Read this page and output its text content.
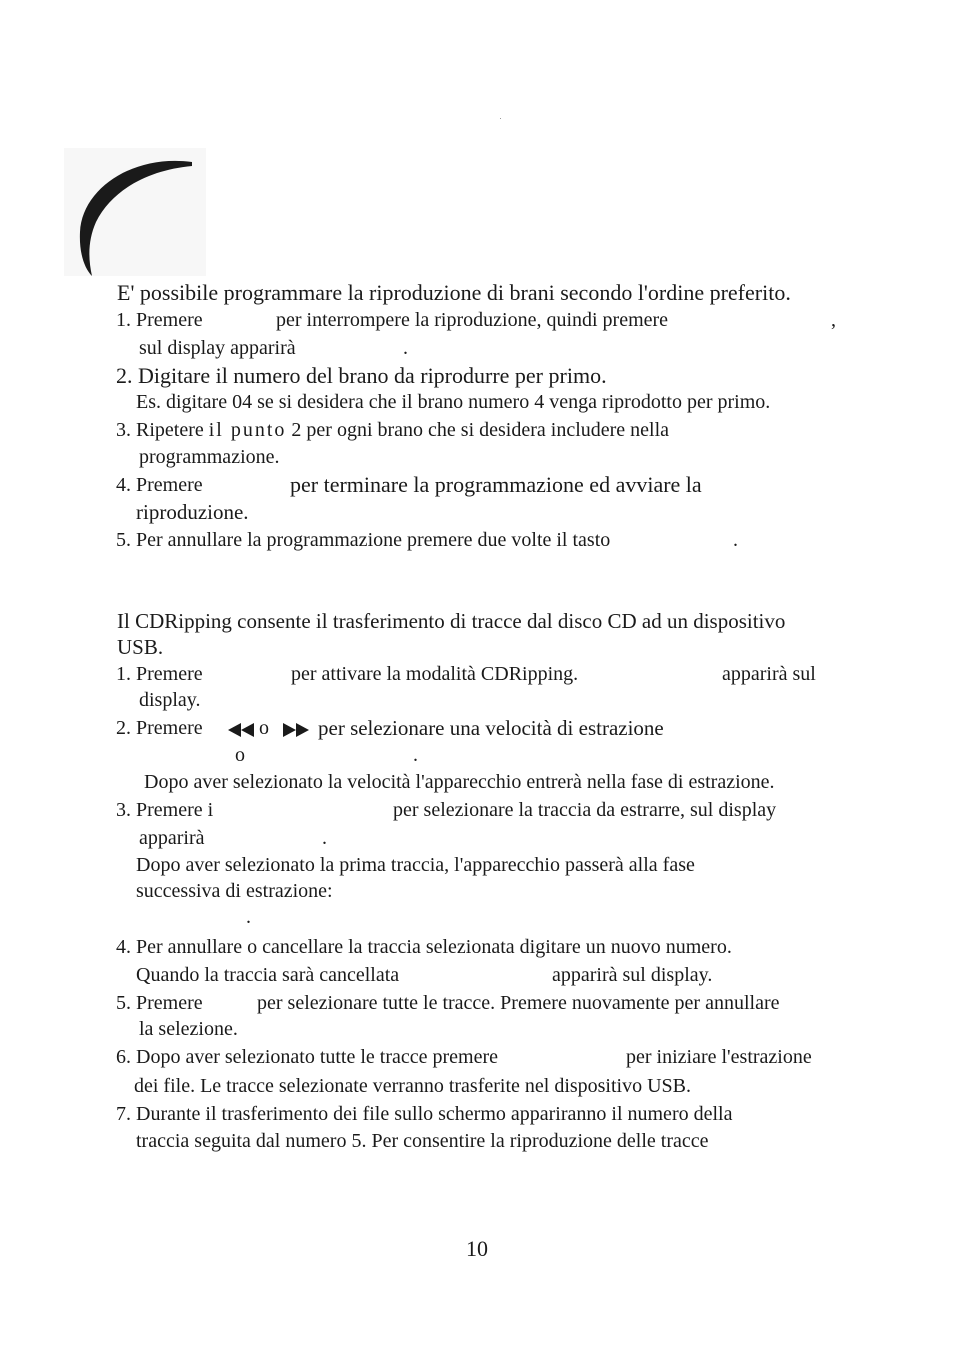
E' possibile programmare la riproduzione di brani secondo l'ordine preferito.
1. Premere	per interrompere la riproduzione, quindi premere	,
sul display apparirà	.
2. Digitare il numero del brano da riprodurre per primo.
Es. digitare 04 se si desidera che il brano numero 4 venga riprodotto per primo.
3. Ripetere il punto 2 per ogni brano che si desidera includere nella
programmazione.
4. Premere	per terminare la programmazione ed avviare la
riproduzione.
5. Per annullare la programmazione premere due volte il tasto	.
Il CDRipping consente il trasferimento di tracce dal disco CD ad un dispositivo
USB.
1. Premere	per attivare la modalità CDRipping.	apparirà sul
display.
2. Premere	o per selezionare una velocità di estrazione
o	.
Dopo aver selezionato la velocità l'apparecchio entrerà nella fase di estrazione.
3. Premere i	per selezionare la traccia da estrarre, sul display
apparirà	.
Dopo aver selezionato la prima traccia, l'apparecchio passerà alla fase
successiva di estrazione:
.
4. Per annullare o cancellare la traccia selezionata digitare un nuovo numero.
Quando la traccia sarà cancellata	apparirà sul display.
5. Premere	per selezionare tutte le tracce. Premere nuovamente per annullare
la selezione.
6. Dopo aver selezionato tutte le tracce premere	per iniziare l'estrazione
dei file. Le tracce selezionate verranno trasferite nel dispositivo USB.
7. Durante il trasferimento dei file sullo schermo appariranno il numero della
traccia seguita dal numero 5. Per consentire la riproduzione delle tracce
10
